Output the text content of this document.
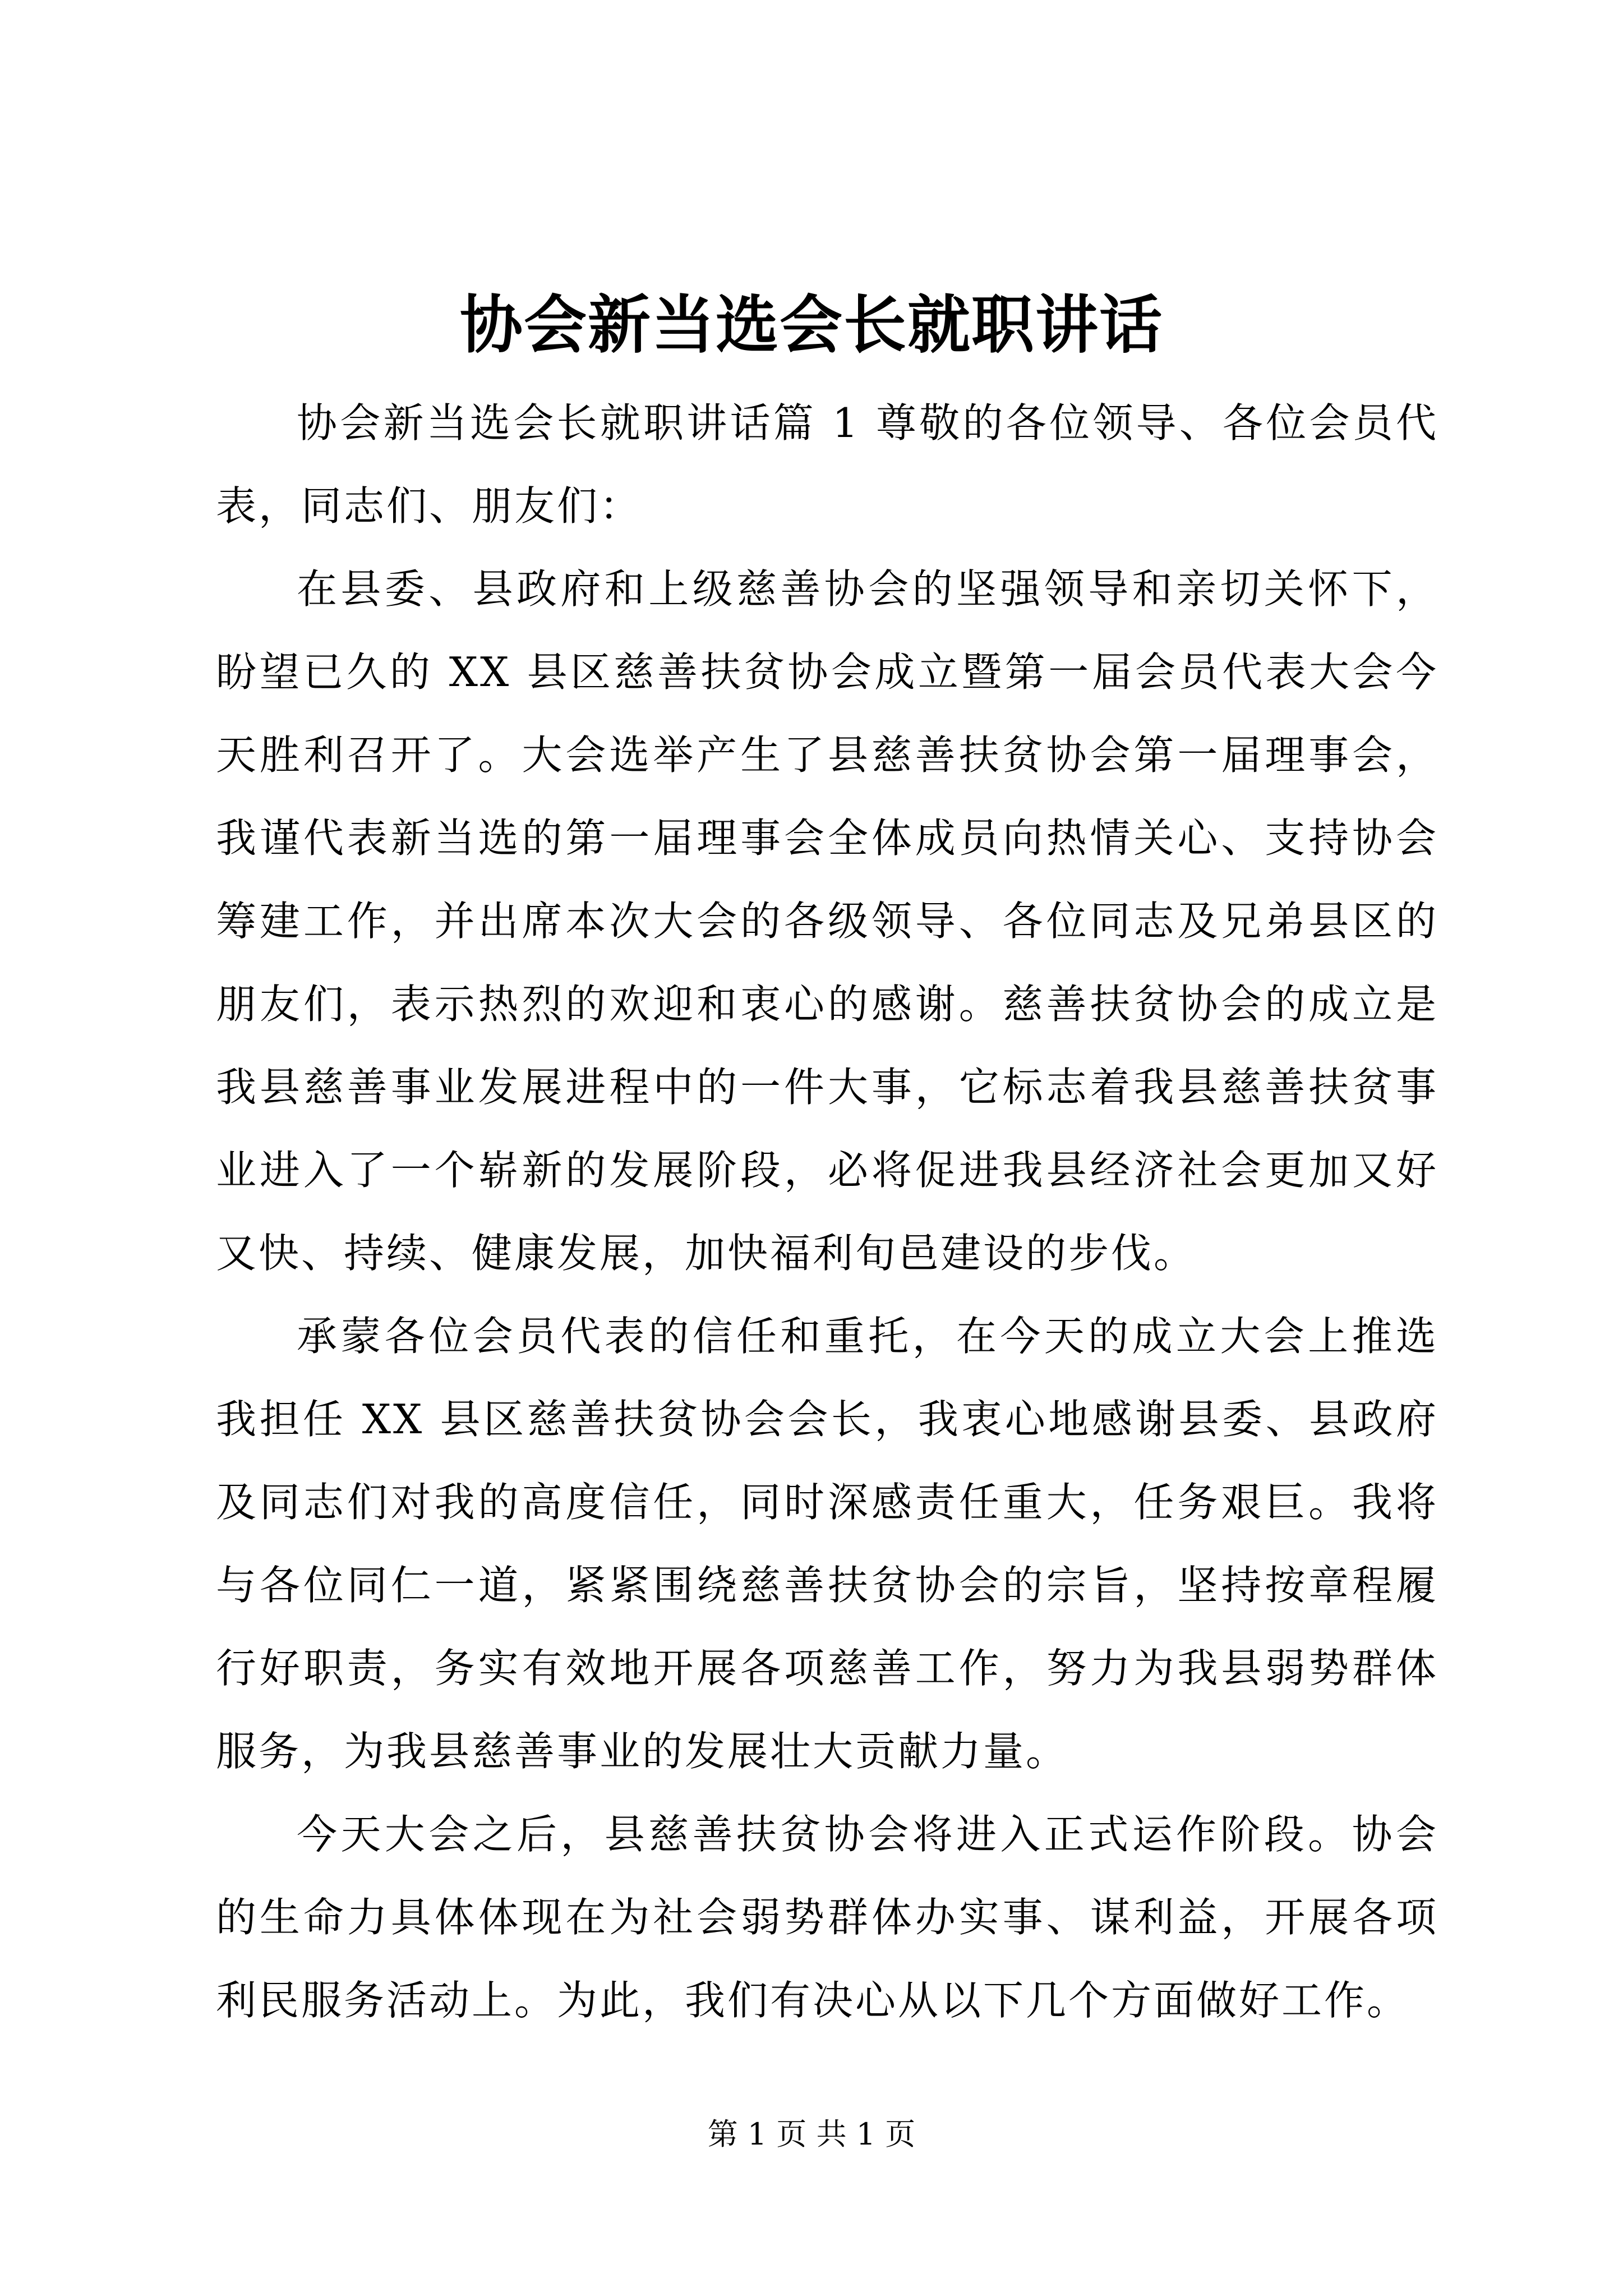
协会新当选会长就职讲话

协会新当选会长就职讲话篇 1 尊敬的各位领导、各位会员代表，同志们、朋友们：

在县委、县政府和上级慈善协会的坚强领导和亲切关怀下，盼望已久的 XX 县区慈善扶贫协会成立暨第一届会员代表大会今天胜利召开了。大会选举产生了县慈善扶贫协会第一届理事会，我谨代表新当选的第一届理事会全体成员向热情关心、支持协会筹建工作，并出席本次大会的各级领导、各位同志及兄弟县区的朋友们，表示热烈的欢迎和衷心的感谢。慈善扶贫协会的成立是我县慈善事业发展进程中的一件大事，它标志着我县慈善扶贫事业进入了一个崭新的发展阶段，必将促进我县经济社会更加又好又快、持续、健康发展，加快福利旬邑建设的步伐。

承蒙各位会员代表的信任和重托，在今天的成立大会上推选我担任 XX 县区慈善扶贫协会会长，我衷心地感谢县委、县政府及同志们对我的高度信任，同时深感责任重大，任务艰巨。我将与各位同仁一道，紧紧围绕慈善扶贫协会的宗旨，坚持按章程履行好职责，务实有效地开展各项慈善工作，努力为我县弱势群体服务，为我县慈善事业的发展壮大贡献力量。

今天大会之后，县慈善扶贫协会将进入正式运作阶段。协会的生命力具体体现在为社会弱势群体办实事、谋利益，开展各项利民服务活动上。为此，我们有决心从以下几个方面做好工作。

第 1 页 共 1 页
